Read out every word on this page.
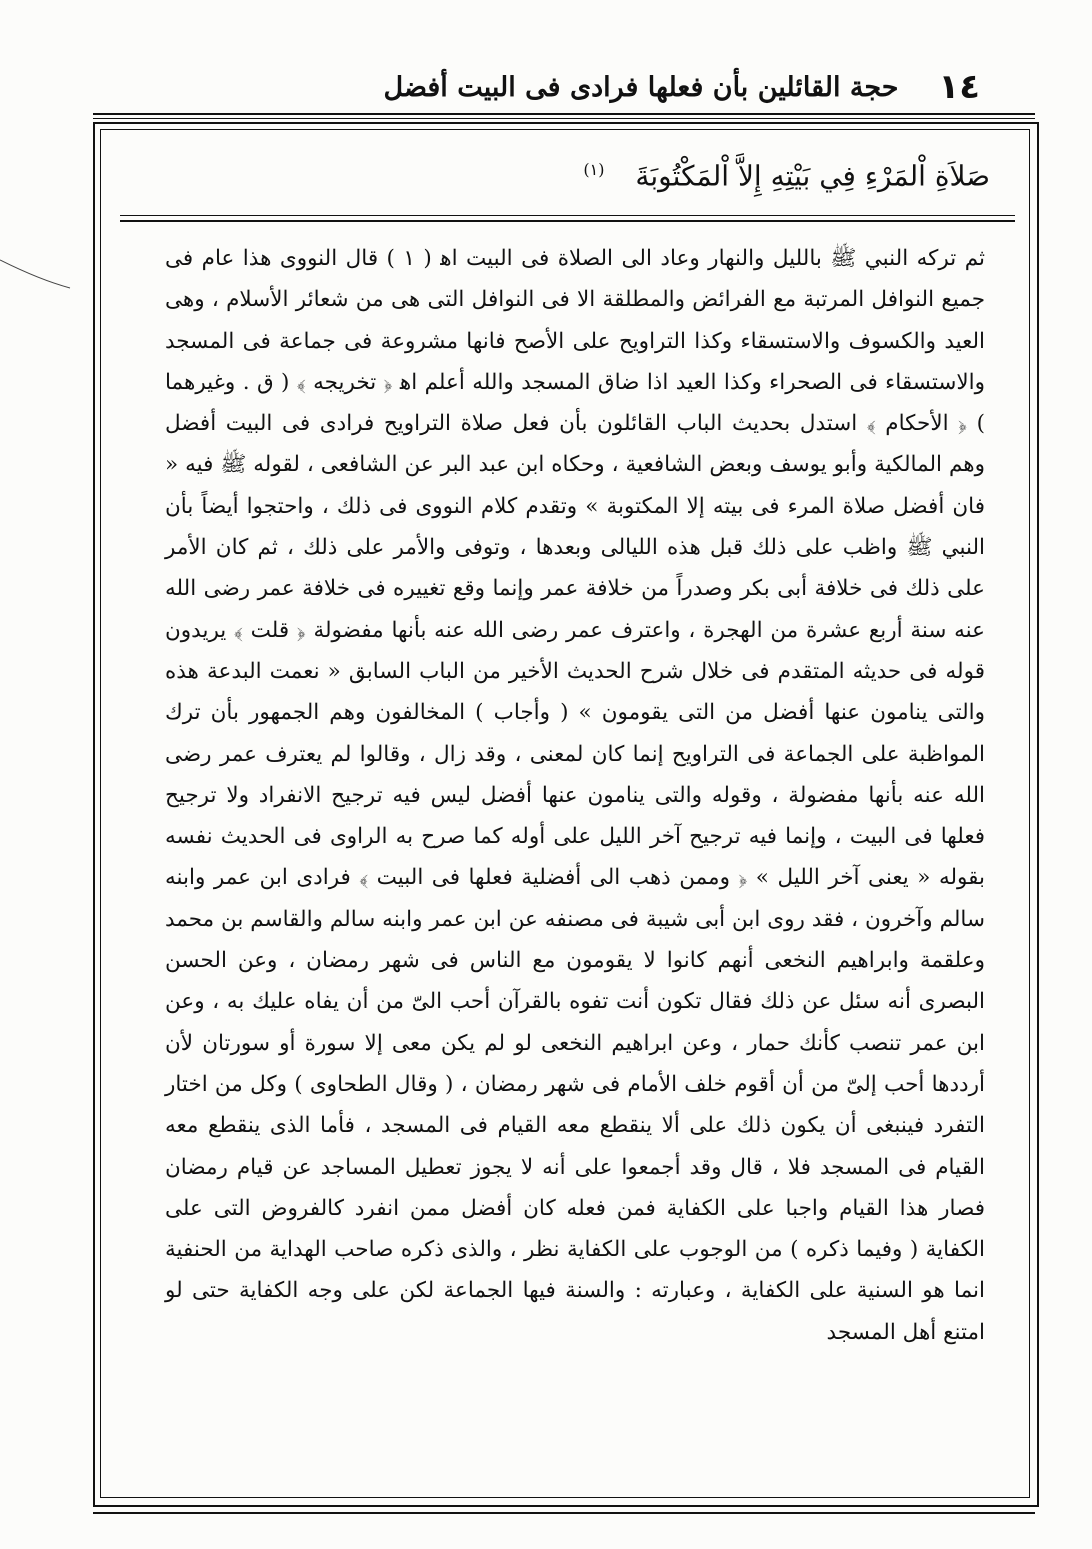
١٤
حجة القائلين بأن فعلها فرادى فى البيت أفضل
صَلاَةِ اْلمَرْءِ فِي بَيْتِهِ إِلاَّ اْلمَكْتُوبَةَ $^{(١)}$

ثم تركه النبي ﷺ بالليل والنهار وعاد الى الصلاة فى البيت اﻫ ( ١ ) قال النووى هذا عام فى جميع النوافل المرتبة مع الفرائض والمطلقة الا فى النوافل التى هى من شعائر الأسلام ، وهى العيد والكسوف والاستسقاء وكذا التراويح على الأصح فانها مشروعة فى جماعة فى المسجد والاستسقاء فى الصحراء وكذا العيد اذا ضاق المسجد والله أعلم اﻫ ﴿ تخريجه ﴾ ( ق . وغيرهما ) ﴿ الأحكام ﴾ استدل بحديث الباب القائلون بأن فعل صلاة التراويح فرادى فى البيت أفضل وهم المالكية وأبو يوسف وبعض الشافعية ، وحكاه ابن عبد البر عن الشافعى ، لقوله ﷺ فيه « فان أفضل صلاة المرء فى بيته إلا المكتوبة » وتقدم كلام النووى فى ذلك ، واحتجوا أيضاً بأن النبي ﷺ واظب على ذلك قبل هذه الليالى وبعدها ، وتوفى والأمر على ذلك ، ثم كان الأمر على ذلك فى خلافة أبى بكر وصدراً من خلافة عمر وإنما وقع تغييره فى خلافة عمر رضى الله عنه سنة أربع عشرة من الهجرة ، واعترف عمر رضى الله عنه بأنها مفضولة ﴿ قلت ﴾ يريدون قوله فى حديثه المتقدم فى خلال شرح الحديث الأخير من الباب السابق « نعمت البدعة هذه والتى ينامون عنها أفضل من التى يقومون » ( وأجاب ) المخالفون وهم الجمهور بأن ترك المواظبة على الجماعة فى التراويح إنما كان لمعنى ، وقد زال ، وقالوا لم يعترف عمر رضى الله عنه بأنها مفضولة ، وقوله والتى ينامون عنها أفضل ليس فيه ترجيح الانفراد ولا ترجيح فعلها فى البيت ، وإنما فيه ترجيح آخر الليل على أوله كما صرح به الراوى فى الحديث نفسه بقوله « يعنى آخر الليل » ﴿ وممن ذهب الى أفضلية فعلها فى البيت ﴾ فرادى ابن عمر وابنه سالم وآخرون ، فقد روى ابن أبى شيبة فى مصنفه عن ابن عمر وابنه سالم والقاسم بن محمد وعلقمة وابراهيم النخعى أنهم كانوا لا يقومون مع الناس فى شهر رمضان ، وعن الحسن البصرى أنه سئل عن ذلك فقال تكون أنت تفوه بالقرآن أحب الىّ من أن يفاه عليك به ، وعن ابن عمر تنصب كأنك حمار ، وعن ابراهيم النخعى لو لم يكن معى إلا سورة أو سورتان لأن أرددها أحب إلىّ من أن أقوم خلف الأمام فى شهر رمضان ، ( وقال الطحاوى ) وكل من اختار التفرد فينبغى أن يكون ذلك على ألا ينقطع معه القيام فى المسجد ، فأما الذى ينقطع معه القيام فى المسجد فلا ، قال وقد أجمعوا على أنه لا يجوز تعطيل المساجد عن قيام رمضان فصار هذا القيام واجبا على الكفاية فمن فعله كان أفضل ممن انفرد كالفروض التى على الكفاية ( وفيما ذكره ) من الوجوب على الكفاية نظر ، والذى ذكره صاحب الهداية من الحنفية انما هو السنية على الكفاية ، وعبارته : والسنة فيها الجماعة لكن على وجه الكفاية حتى لو امتنع أهل المسجد
